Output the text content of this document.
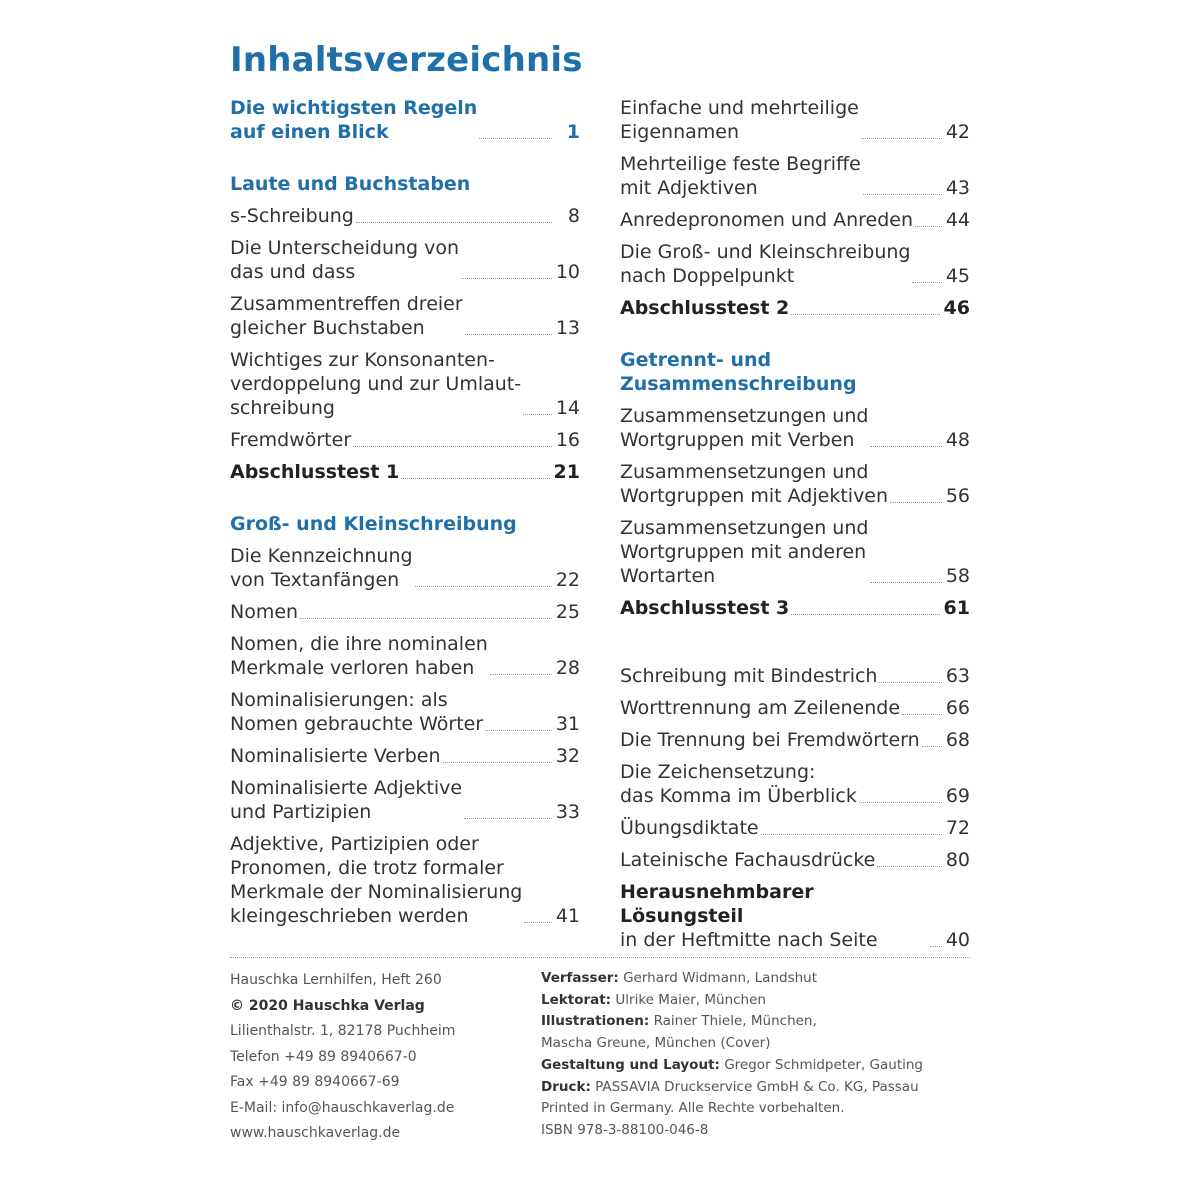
Inhaltsverzeichnis
Die wichtigsten Regeln
auf einen Blick	1
Laute und Buchstaben
s-Schreibung	8
Die Unterscheidung von
das und dass	10
Zusammentreffen dreier
gleicher Buchstaben	13
Wichtiges zur Konsonanten-
verdoppelung und zur Umlaut-
schreibung	14
Fremdwörter	16
Abschlusstest 1	21
Groß- und Kleinschreibung
Die Kennzeichnung
von Textanfängen	22
Nomen	25
Nomen, die ihre nominalen
Merkmale verloren haben	28
Nominalisierungen: als
Nomen gebrauchte Wörter	31
Nominalisierte Verben	32
Nominalisierte Adjektive
und Partizipien	33
Adjektive, Partizipien oder
Pronomen, die trotz formaler
Merkmale der Nominalisierung
kleingeschrieben werden	41
Einfache und mehrteilige
Eigennamen	42
Mehrteilige feste Begriffe
mit Adjektiven	43
Anredepronomen und Anreden 44
Die Groß- und Kleinschreibung
nach Doppelpunkt	45
Abschlusstest 2	46
Getrennt- und
Zusammenschreibung
Zusammensetzungen und
Wortgruppen mit Verben	48
Zusammensetzungen und
Wortgruppen mit Adjektiven	56
Zusammensetzungen und
Wortgruppen mit anderen
Wortarten	58
Abschlusstest 3	61
Schreibung mit Bindestrich	63
Worttrennung am Zeilenende 66
Die Trennung bei Fremdwörtern 68
Die Zeichensetzung:
das Komma im Überblick	69
Übungsdiktate	72
Lateinische Fachausdrücke	80
Herausnehmbarer Lösungsteil
in der Heftmitte nach Seite	40
Hauschka Lernhilfen, Heft 260
© 2020 Hauschka Verlag
Lilienthalstr. 1, 82178 Puchheim
Telefon +49 89 8940667-0
Fax +49 89 8940667-69
E-Mail: info@hauschkaverlag.de
www.hauschkaverlag.de
Verfasser: Gerhard Widmann, Landshut
Lektorat: Ulrike Maier, München
Illustrationen: Rainer Thiele, München,
Mascha Greune, München (Cover)
Gestaltung und Layout: Gregor Schmidpeter, Gauting
Druck: PASSAVIA Druckservice GmbH & Co. KG, Passau
Printed in Germany. Alle Rechte vorbehalten.
ISBN 978-3-88100-046-8
